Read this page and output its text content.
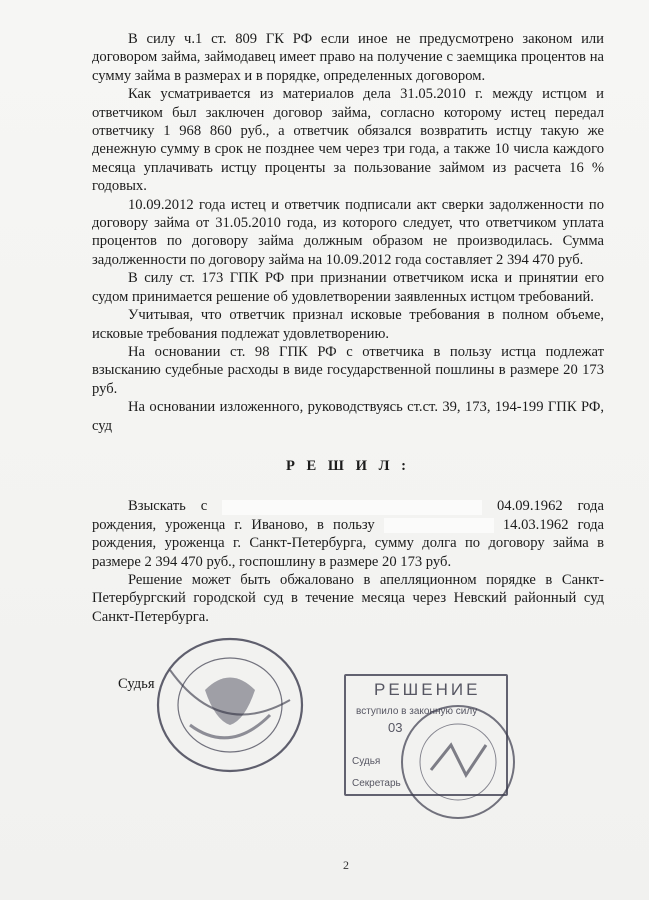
В силу ч.1 ст. 809 ГК РФ если иное не предусмотрено законом или договором займа, займодавец имеет право на получение с заемщика процентов на сумму займа в размерах и в порядке, определенных договором.

Как усматривается из материалов дела 31.05.2010 г. между истцом и ответчиком был заключен договор займа, согласно которому истец передал ответчику 1 968 860 руб., а ответчик обязался возвратить истцу такую же денежную сумму в срок не позднее чем через три года, а также 10 числа каждого месяца уплачивать истцу проценты за пользование займом из расчета 16 % годовых.

10.09.2012 года истец и ответчик подписали акт сверки задолженности по договору займа от 31.05.2010 года, из которого следует, что ответчиком уплата процентов по договору займа должным образом не производилась. Сумма задолженности по договору займа на 10.09.2012 года составляет 2 394 470 руб.

В силу ст. 173 ГПК РФ при признании ответчиком иска и принятии его судом принимается решение об удовлетворении заявленных истцом требований.

Учитывая, что ответчик признал исковые требования в полном объеме, исковые требования подлежат удовлетворению.

На основании ст. 98 ГПК РФ с ответчика в пользу истца подлежат взысканию судебные расходы в виде государственной пошлины в размере 20 173 руб.

На основании изложенного, руководствуясь ст.ст. 39, 173, 194-199 ГПК РФ, суд

Р Е Ш И Л :

Взыскать с	04.09.1962 года рождения, уроженца г. Иваново, в пользу	14.03.1962 года рождения, уроженца г. Санкт-Петербурга, сумму долга по договору займа в размере 2 394 470 руб., госпошлину в размере 20 173 руб.

Решение может быть обжаловано в апелляционном порядке в Санкт-Петербургский городской суд в течение месяца через Невский районный суд Санкт-Петербурга.

Судья	РЕШЕНИЕ
вступило в законную силу
03
Судья
Секретарь
2
